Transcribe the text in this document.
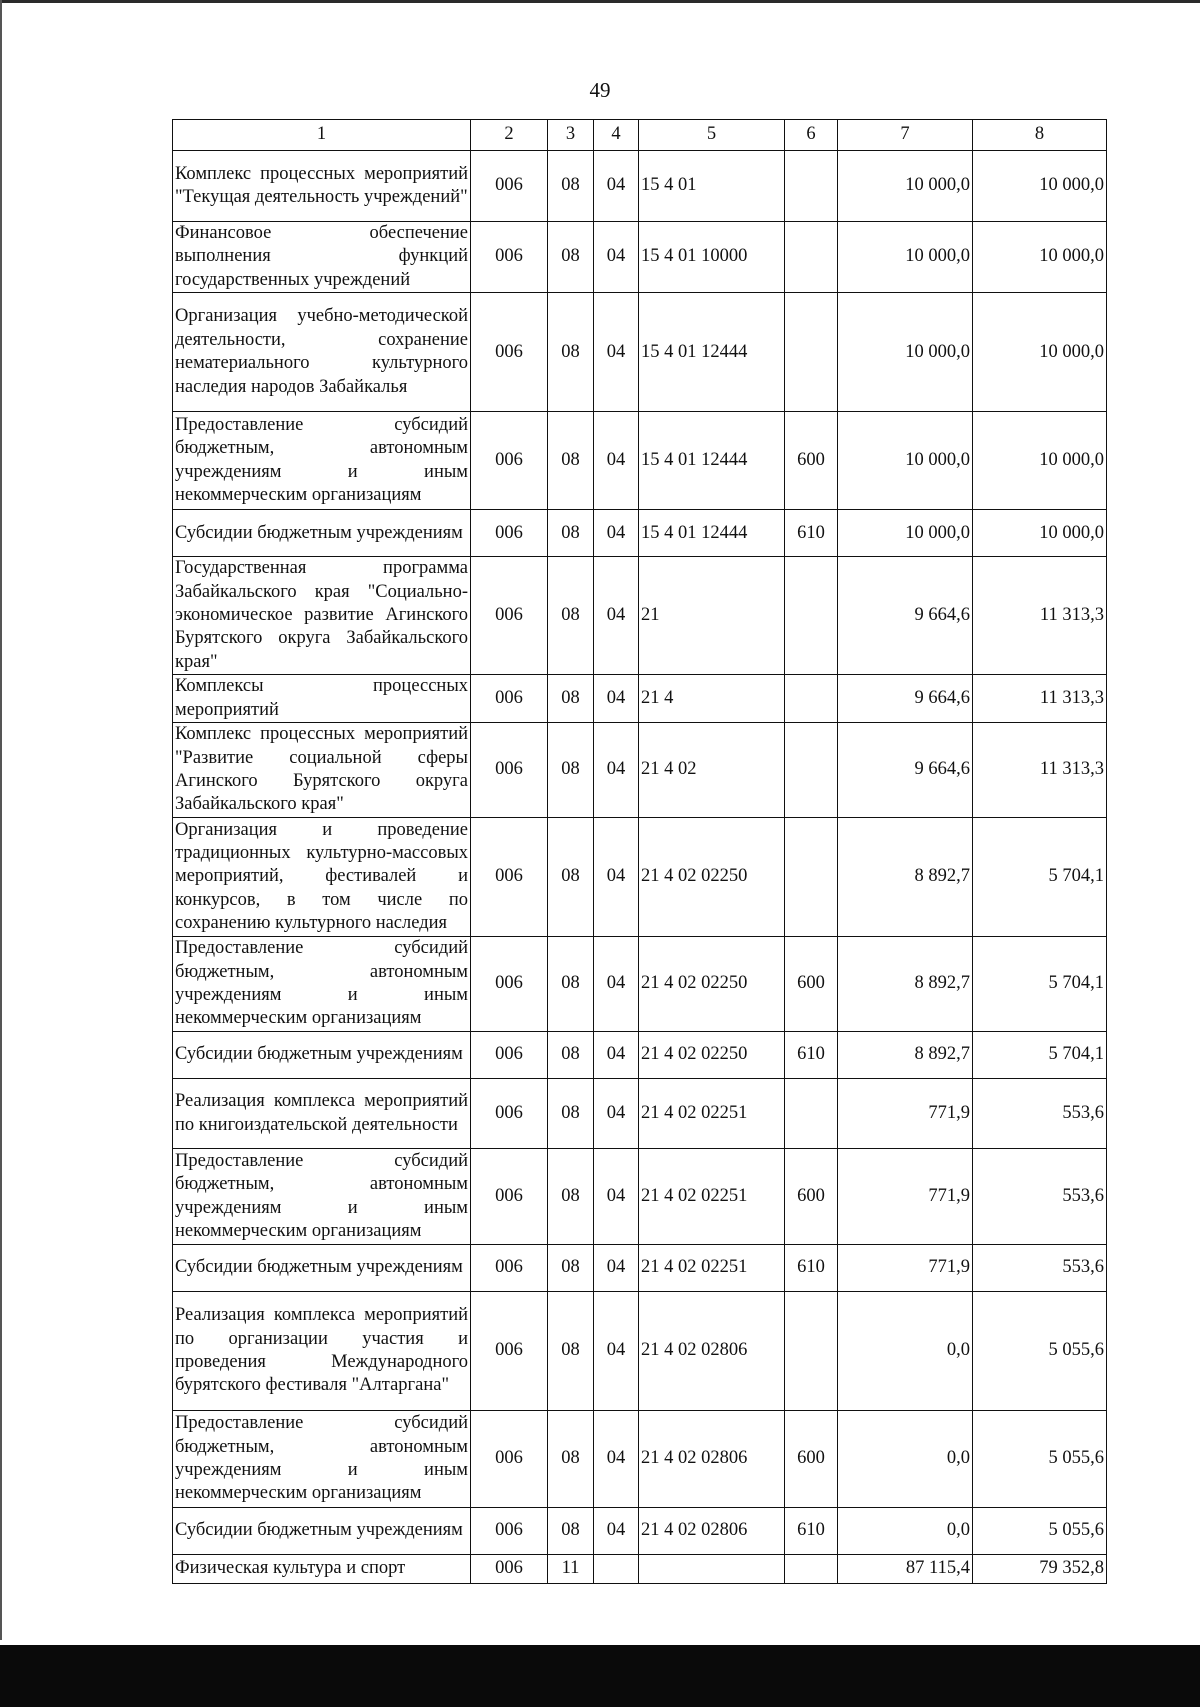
49
1	2	3	4	5	6	7	8
Комплекс процессных мероприятий "Текущая деятельность учреждений"	006	08	04	15 4 01		10 000,0	10 000,0
Финансовое обеспечение выполнения функций государственных учреждений	006	08	04	15 4 01 10000		10 000,0	10 000,0
Организация учебно-методической деятельности, сохранение нематериального культурного наследия народов Забайкалья	006	08	04	15 4 01 12444		10 000,0	10 000,0
Предоставление субсидий бюджетным, автономным учреждениям и иным некоммерческим организациям	006	08	04	15 4 01 12444	600	10 000,0	10 000,0
Субсидии бюджетным учреждениям	006	08	04	15 4 01 12444	610	10 000,0	10 000,0
Государственная программа Забайкальского края "Социально-экономическое развитие Агинского Бурятского округа Забайкальского края"	006	08	04	21		9 664,6	11 313,3
Комплексы процессных мероприятий	006	08	04	21 4		9 664,6	11 313,3
Комплекс процессных мероприятий "Развитие социальной сферы Агинского Бурятского округа Забайкальского края"	006	08	04	21 4 02		9 664,6	11 313,3
Организация и проведение традиционных культурно-массовых мероприятий, фестивалей и конкурсов, в том числе по сохранению культурного наследия	006	08	04	21 4 02 02250		8 892,7	5 704,1
Предоставление субсидий бюджетным, автономным учреждениям и иным некоммерческим организациям	006	08	04	21 4 02 02250	600	8 892,7	5 704,1
Субсидии бюджетным учреждениям	006	08	04	21 4 02 02250	610	8 892,7	5 704,1
Реализация комплекса мероприятий по книгоиздательской деятельности	006	08	04	21 4 02 02251		771,9	553,6
Предоставление субсидий бюджетным, автономным учреждениям и иным некоммерческим организациям	006	08	04	21 4 02 02251	600	771,9	553,6
Субсидии бюджетным учреждениям	006	08	04	21 4 02 02251	610	771,9	553,6
Реализация комплекса мероприятий по организации участия и проведения Международного бурятского фестиваля "Алтаргана"	006	08	04	21 4 02 02806		0,0	5 055,6
Предоставление субсидий бюджетным, автономным учреждениям и иным некоммерческим организациям	006	08	04	21 4 02 02806	600	0,0	5 055,6
Субсидии бюджетным учреждениям	006	08	04	21 4 02 02806	610	0,0	5 055,6
Физическая культура и спорт	006	11				87 115,4	79 352,8
